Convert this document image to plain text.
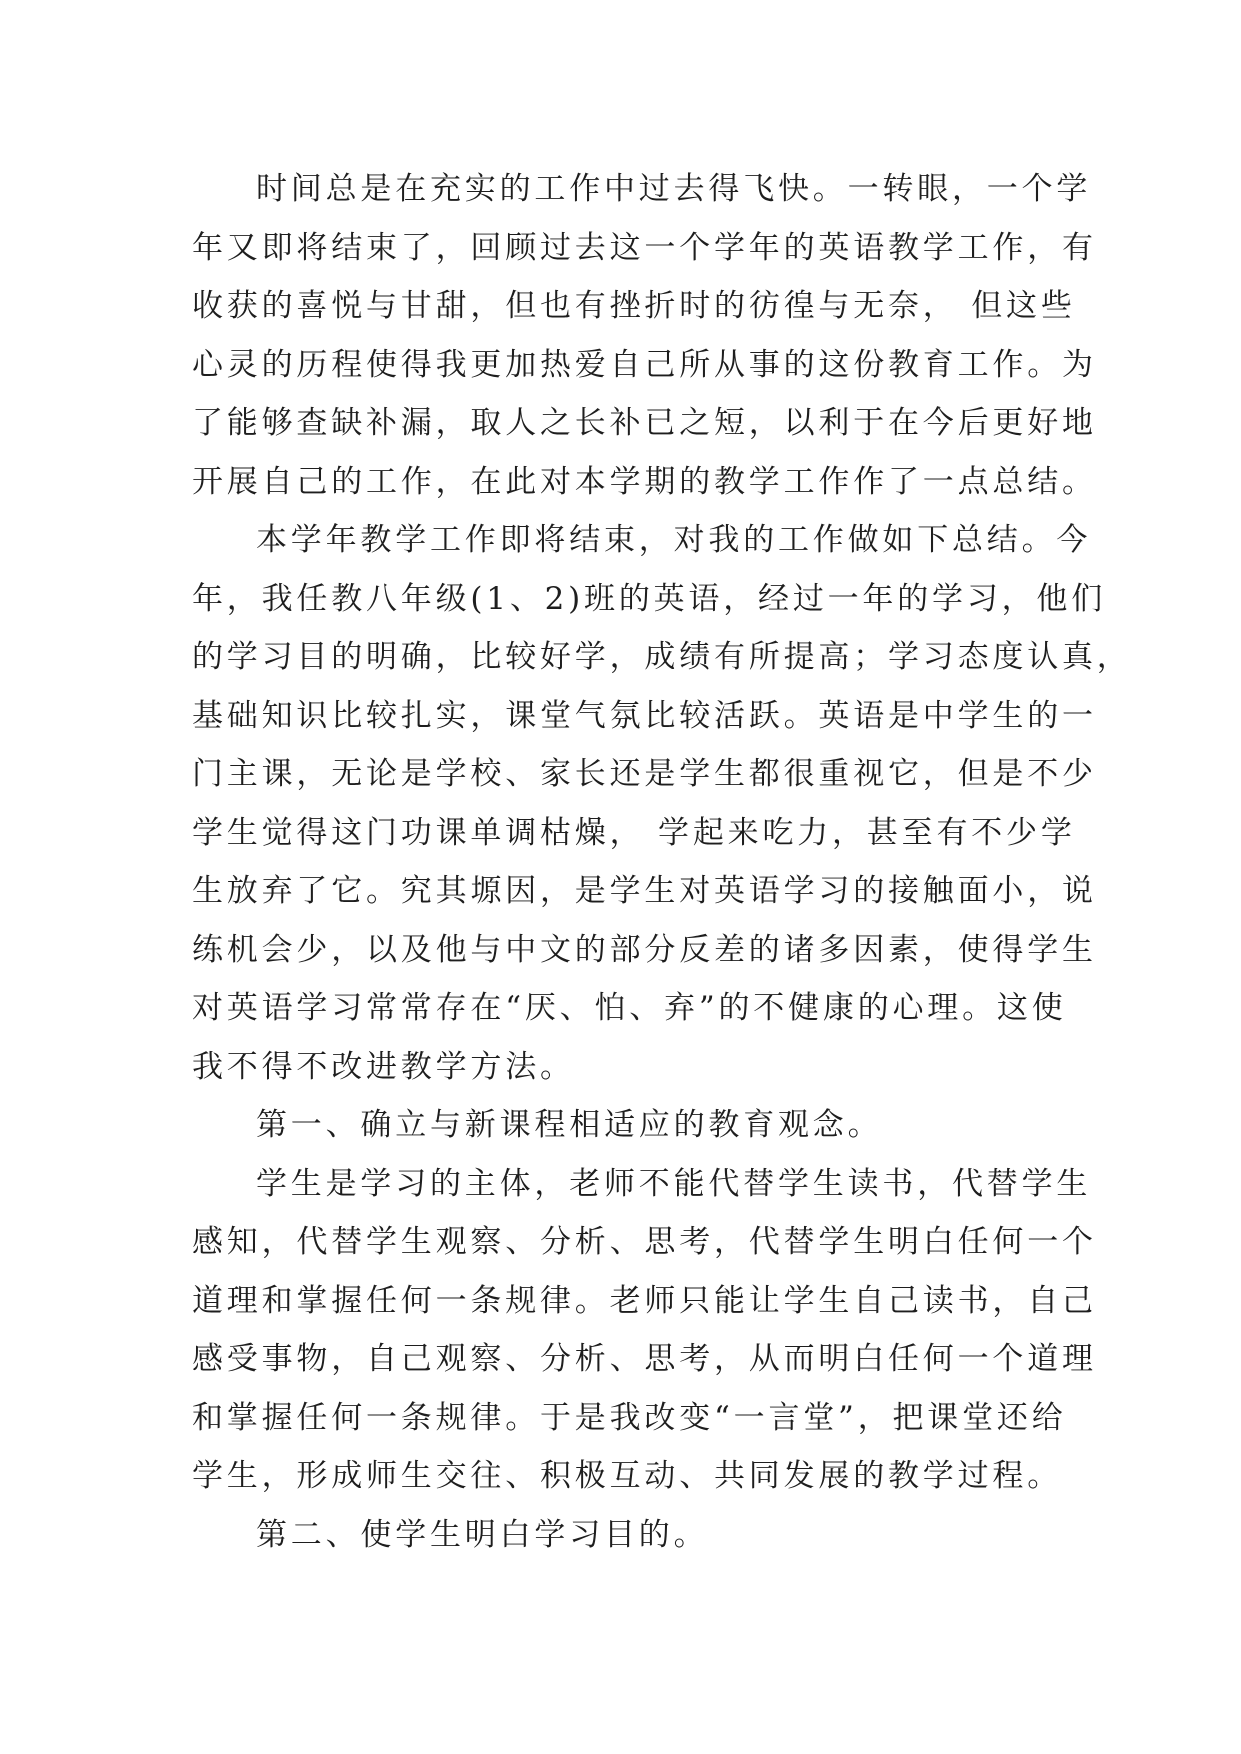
时间总是在充实的工作中过去得飞快。一转眼，一个学
年又即将结束了，回顾过去这一个学年的英语教学工作，有
收获的喜悦与甘甜，但也有挫折时的彷徨与无奈， 但这些
心灵的历程使得我更加热爱自己所从事的这份教育工作。为
了能够查缺补漏，取人之长补已之短，以利于在今后更好地
开展自己的工作，在此对本学期的教学工作作了一点总结。
本学年教学工作即将结束，对我的工作做如下总结。今
年，我任教八年级(1、2)班的英语，经过一年的学习，他们
的学习目的明确，比较好学，成绩有所提高；学习态度认真，
基础知识比较扎实，课堂气氛比较活跃。英语是中学生的一
门主课，无论是学校、家长还是学生都很重视它，但是不少
学生觉得这门功课单调枯燥， 学起来吃力，甚至有不少学
生放弃了它。究其塬因，是学生对英语学习的接触面小，说
练机会少，以及他与中文的部分反差的诸多因素，使得学生
对英语学习常常存在“厌、怕、弃”的不健康的心理。这使
我不得不改进教学方法。
第一、确立与新课程相适应的教育观念。
学生是学习的主体，老师不能代替学生读书，代替学生
感知，代替学生观察、分析、思考，代替学生明白任何一个
道理和掌握任何一条规律。老师只能让学生自己读书，自己
感受事物，自己观察、分析、思考，从而明白任何一个道理
和掌握任何一条规律。于是我改变“一言堂”，把课堂还给
学生，形成师生交往、积极互动、共同发展的教学过程。
第二、使学生明白学习目的。
